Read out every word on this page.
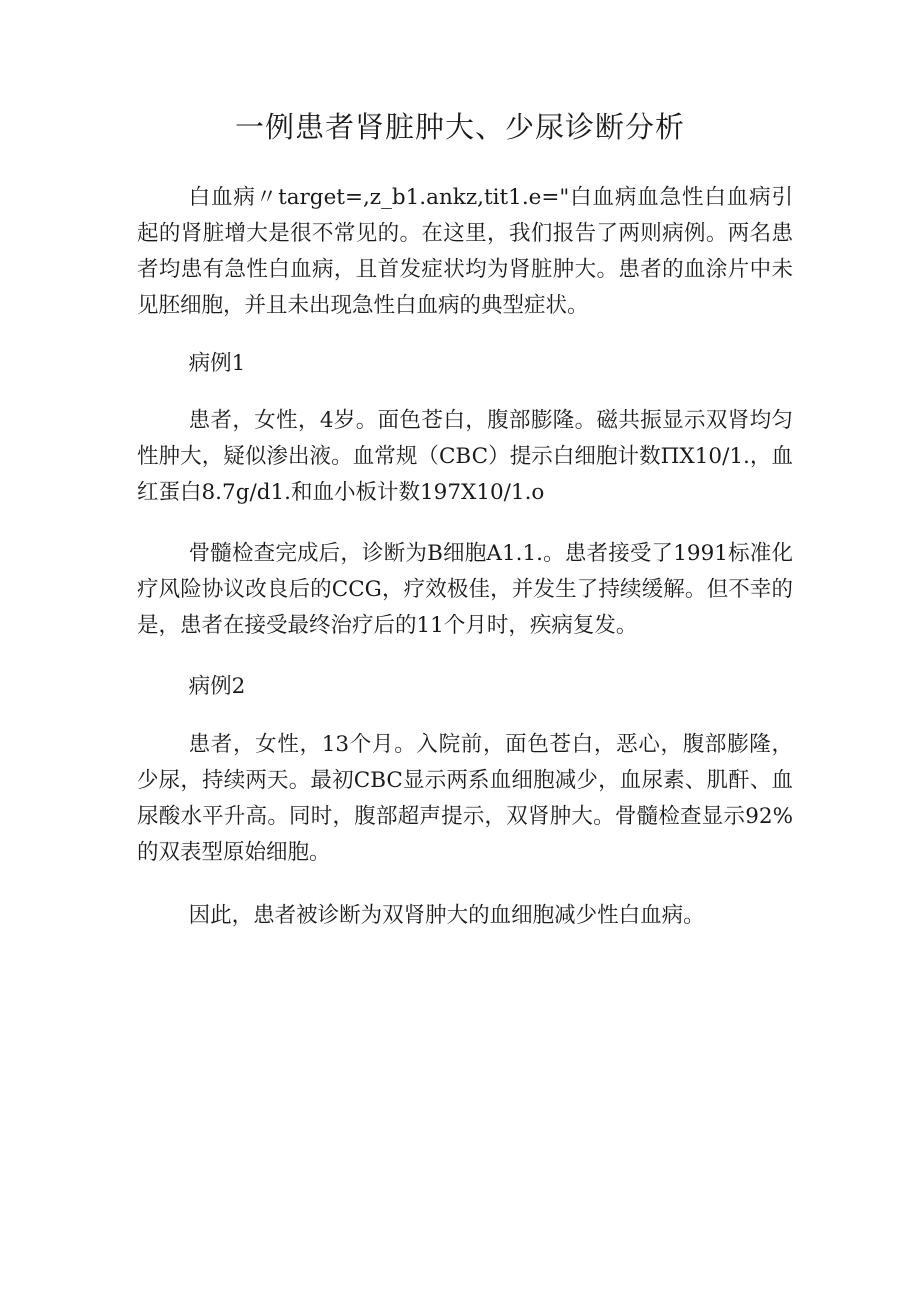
一例患者肾脏肿大、少尿诊断分析

白血病〃target=,z_b1.ankz,tit1.e="白血病血急性白血病引起的肾脏增大是很不常见的。在这里，我们报告了两则病例。两名患者均患有急性白血病，且首发症状均为肾脏肿大。患者的血涂片中未见胚细胞，并且未出现急性白血病的典型症状。

病例1

患者，女性，4岁。面色苍白，腹部膨隆。磁共振显示双肾均匀性肿大，疑似渗出液。血常规（CBC）提示白细胞计数ΠX10/1.，血红蛋白8.7g/d1.和血小板计数197X10/1.o

骨髓检查完成后，诊断为B细胞A1.1.。患者接受了1991标准化疗风险协议改良后的CCG，疗效极佳，并发生了持续缓解。但不幸的是，患者在接受最终治疗后的11个月时，疾病复发。

病例2

患者，女性，13个月。入院前，面色苍白，恶心，腹部膨隆，少尿，持续两天。最初CBC显示两系血细胞减少，血尿素、肌酐、血尿酸水平升高。同时，腹部超声提示，双肾肿大。骨髓检查显示92%的双表型原始细胞。

因此，患者被诊断为双肾肿大的血细胞减少性白血病。
